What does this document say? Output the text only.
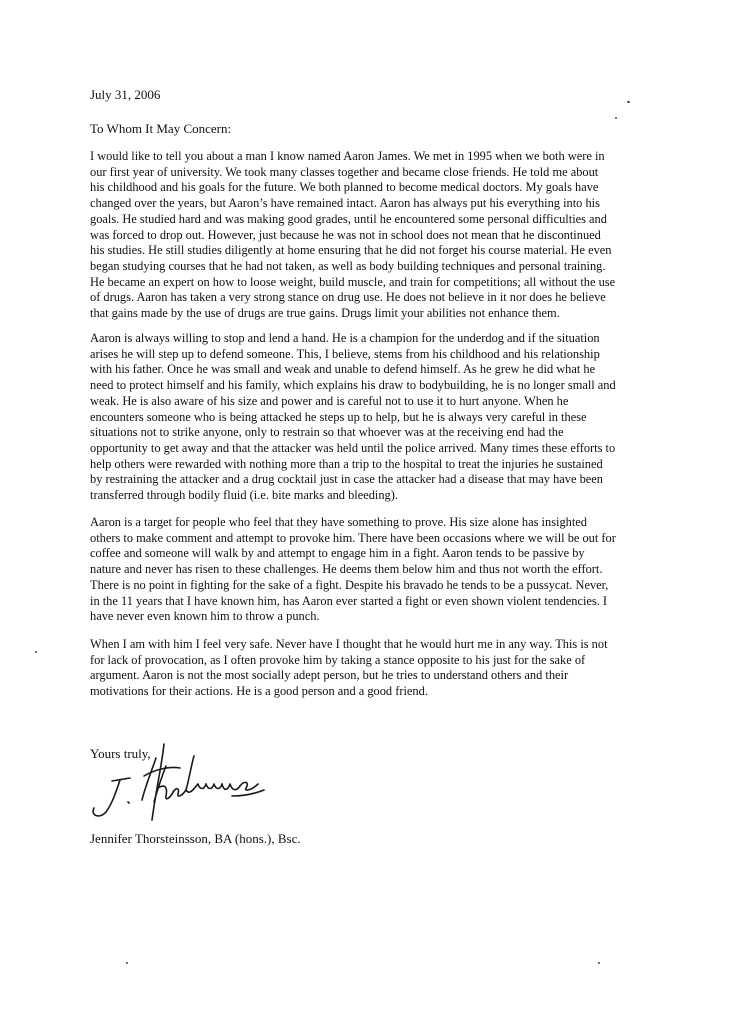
July 31, 2006
To Whom It May Concern:

I would like to tell you about a man I know named Aaron James. We met in 1995 when we both were in
our first year of university. We took many classes together and became close friends. He told me about
his childhood and his goals for the future. We both planned to become medical doctors. My goals have
changed over the years, but Aaron’s have remained intact. Aaron has always put his everything into his
goals. He studied hard and was making good grades, until he encountered some personal difficulties and
was forced to drop out. However, just because he was not in school does not mean that he discontinued
his studies. He still studies diligently at home ensuring that he did not forget his course material. He even
began studying courses that he had not taken, as well as body building techniques and personal training.
He became an expert on how to loose weight, build muscle, and train for competitions; all without the use
of drugs. Aaron has taken a very strong stance on drug use. He does not believe in it nor does he believe
that gains made by the use of drugs are true gains. Drugs limit your abilities not enhance them.

Aaron is always willing to stop and lend a hand. He is a champion for the underdog and if the situation
arises he will step up to defend someone. This, I believe, stems from his childhood and his relationship
with his father. Once he was small and weak and unable to defend himself. As he grew he did what he
need to protect himself and his family, which explains his draw to bodybuilding, he is no longer small and
weak. He is also aware of his size and power and is careful not to use it to hurt anyone. When he
encounters someone who is being attacked he steps up to help, but he is always very careful in these
situations not to strike anyone, only to restrain so that whoever was at the receiving end had the
opportunity to get away and that the attacker was held until the police arrived. Many times these efforts to
help others were rewarded with nothing more than a trip to the hospital to treat the injuries he sustained
by restraining the attacker and a drug cocktail just in case the attacker had a disease that may have been
transferred through bodily fluid (i.e. bite marks and bleeding).

Aaron is a target for people who feel that they have something to prove. His size alone has insighted
others to make comment and attempt to provoke him. There have been occasions where we will be out for
coffee and someone will walk by and attempt to engage him in a fight. Aaron tends to be passive by
nature and never has risen to these challenges. He deems them below him and thus not worth the effort.
There is no point in fighting for the sake of a fight. Despite his bravado he tends to be a pussycat. Never,
in the 11 years that I have known him, has Aaron ever started a fight or even shown violent tendencies. I
have never even known him to throw a punch.

When I am with him I feel very safe. Never have I thought that he would hurt me in any way. This is not
for lack of provocation, as I often provoke him by taking a stance opposite to his just for the sake of
argument. Aaron is not the most socially adept person, but he tries to understand others and their
motivations for their actions. He is a good person and a good friend.

Yours truly,
Jennifer Thorsteinsson, BA (hons.), Bsc.
